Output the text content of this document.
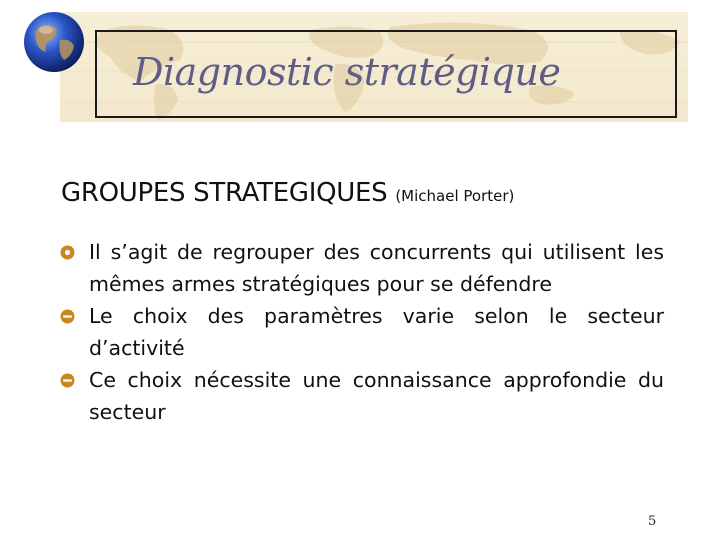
Diagnostic stratégique
GROUPES STRATEGIQUES (Michael Porter)
Il s’agit de regrouper des concurrents qui utilisent les mêmes armes stratégiques pour se défendre
Le choix des paramètres varie selon le secteur d’activité
Ce choix nécessite une connaissance approfondie du secteur
5
